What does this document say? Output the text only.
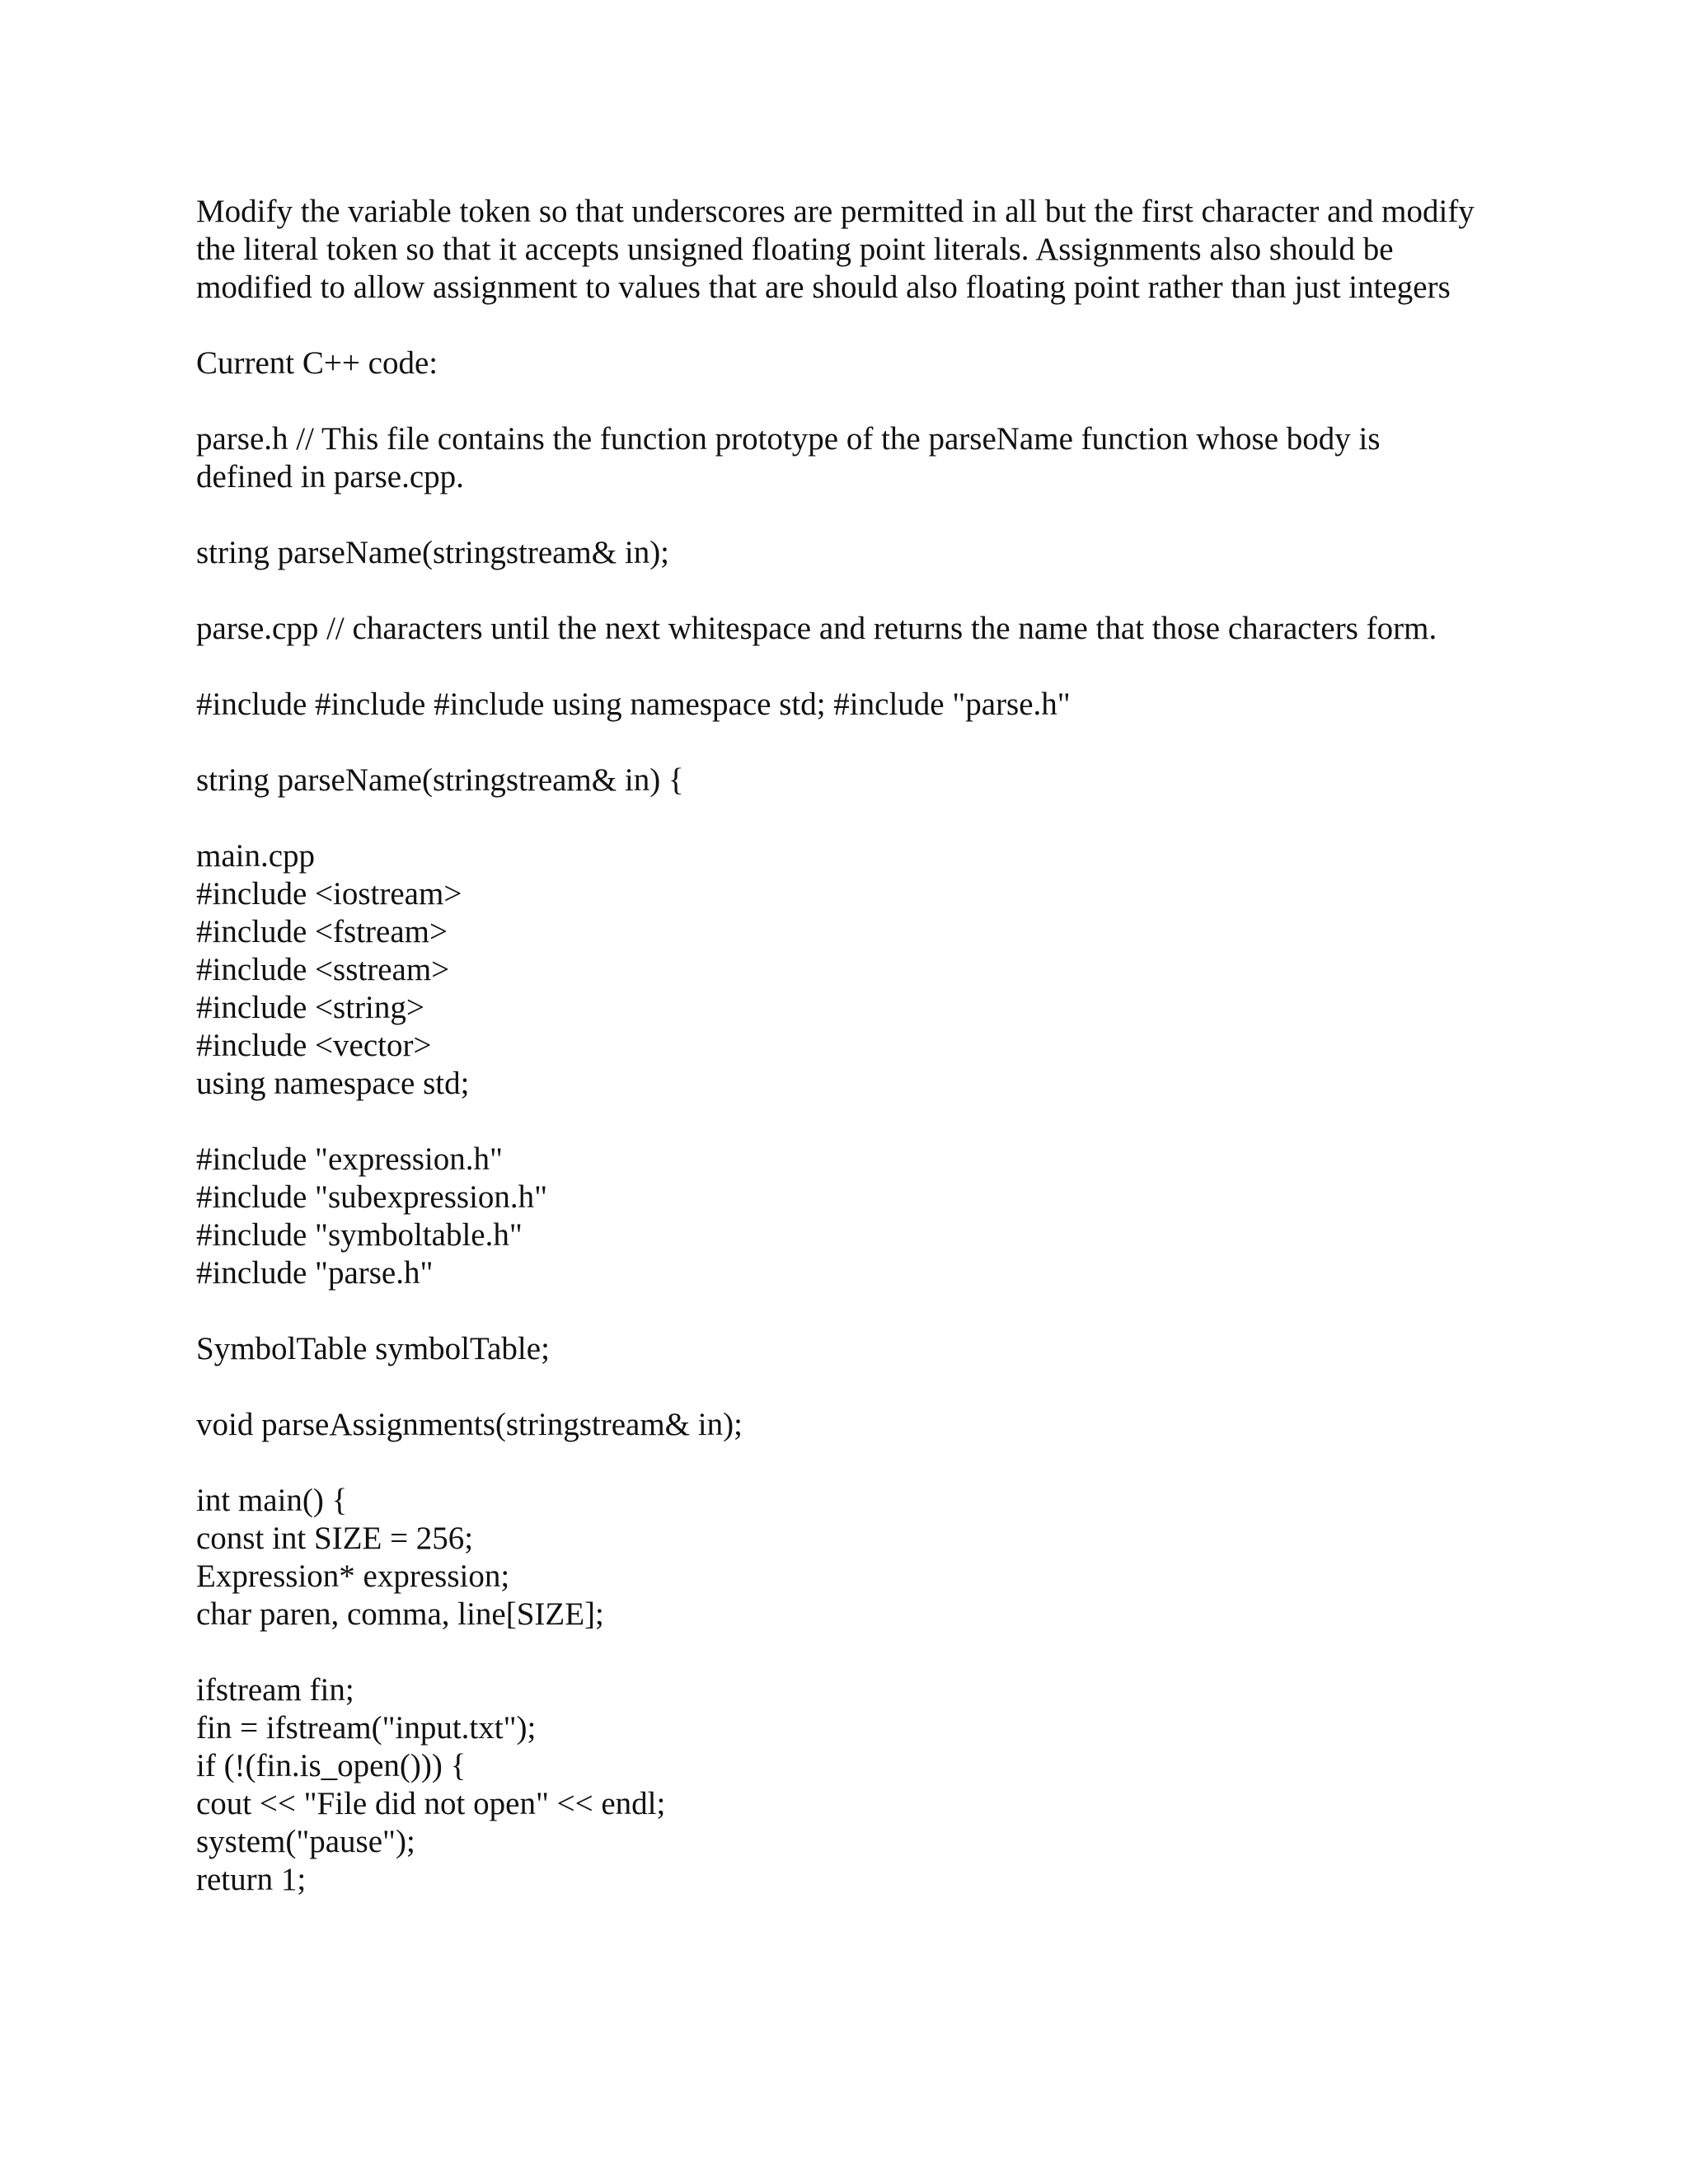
Modify the variable token so that underscores are permitted in all but the first character and modify the literal token so that it accepts unsigned floating point literals. Assignments also should be modified to allow assignment to values that are should also floating point rather than just integers

Current C++ code:

parse.h // This file contains the function prototype of the parseName function whose body is defined in parse.cpp.

string parseName(stringstream& in);

parse.cpp // characters until the next whitespace and returns the name that those characters form.

#include #include #include using namespace std; #include "parse.h"

string parseName(stringstream& in) {

main.cpp
#include <iostream>
#include <fstream>
#include <sstream>
#include <string>
#include <vector>
using namespace std;
#include "expression.h"
#include "subexpression.h"
#include "symboltable.h"
#include "parse.h"

SymbolTable symbolTable;

void parseAssignments(stringstream& in);

int main() {
const int SIZE = 256;
Expression* expression;
char paren, comma, line[SIZE];
ifstream fin;
fin = ifstream("input.txt");
if (!(fin.is_open())) {
cout << "File did not open" << endl;
system("pause");
return 1;
